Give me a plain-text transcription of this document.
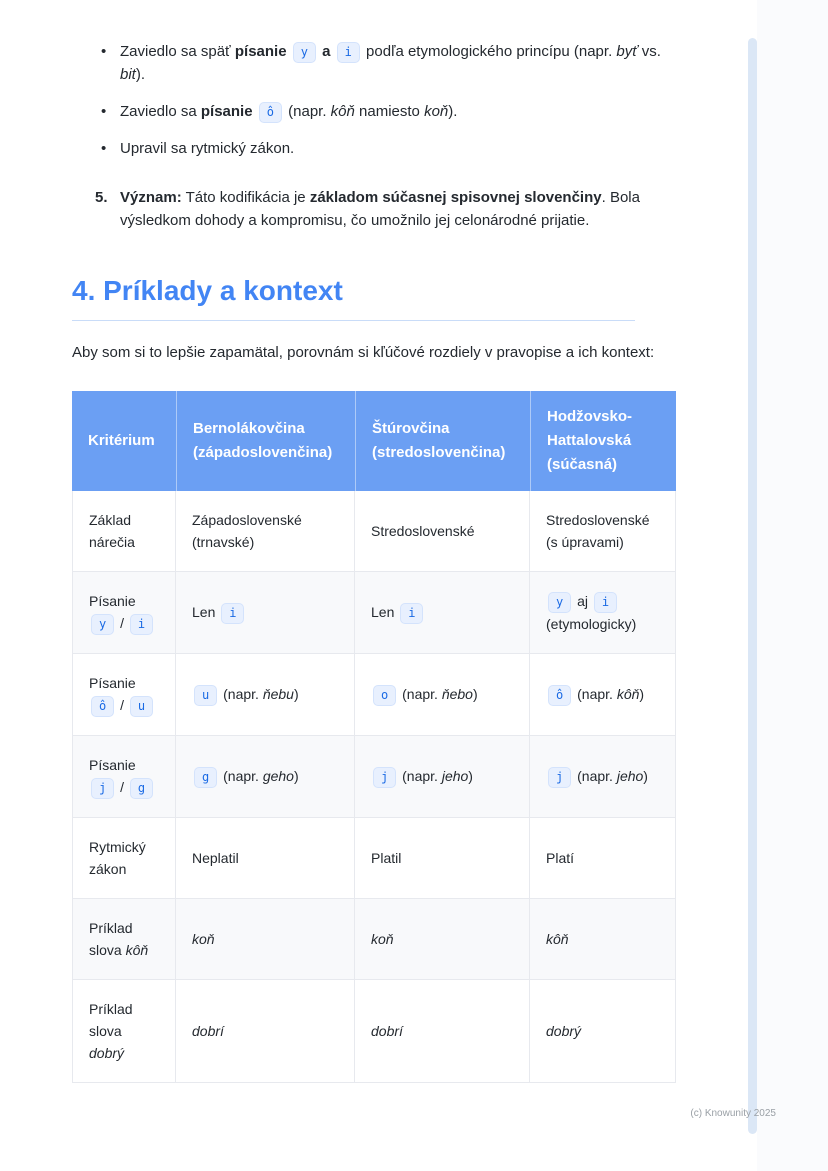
• Zaviedlo sa späť písanie y a i podľa etymologického princípu (napr. byť vs. bit).
• Zaviedlo sa písanie ô (napr. kôň namiesto koň).
• Upravil sa rytmický zákon.
5. Význam: Táto kodifikácia je základom súčasnej spisovnej slovenčiny. Bola výsledkom dohody a kompromisu, čo umožnilo jej celonárodné prijatie.
4. Príklady a kontext

Aby som si to lepšie zapamätal, porovnám si kľúčové rozdiely v pravopise a ich kontext:

Kritérium	Bernolákovčina (západoslovenčina)	Štúrovčina (stredoslovenčina)	Hodžovsko-Hattalovská (súčasná)
Základ nárečia	Západoslovenské (trnavské)	Stredoslovenské	Stredoslovenské (s úpravami)
Písanie y / i	Len i	Len i	y aj i (etymologicky)
Písanie ô / u	u (napr. ňebu)	o (napr. ňebo)	ô (napr. kôň)
Písanie j / g	g (napr. geho)	j (napr. jeho)	j (napr. jeho)
Rytmický zákon	Neplatil	Platil	Platí
Príklad slova kôň	koň	koň	kôň
Príklad slova dobrý	dobrí	dobrí	dobrý
(c) Knowunity 2025
